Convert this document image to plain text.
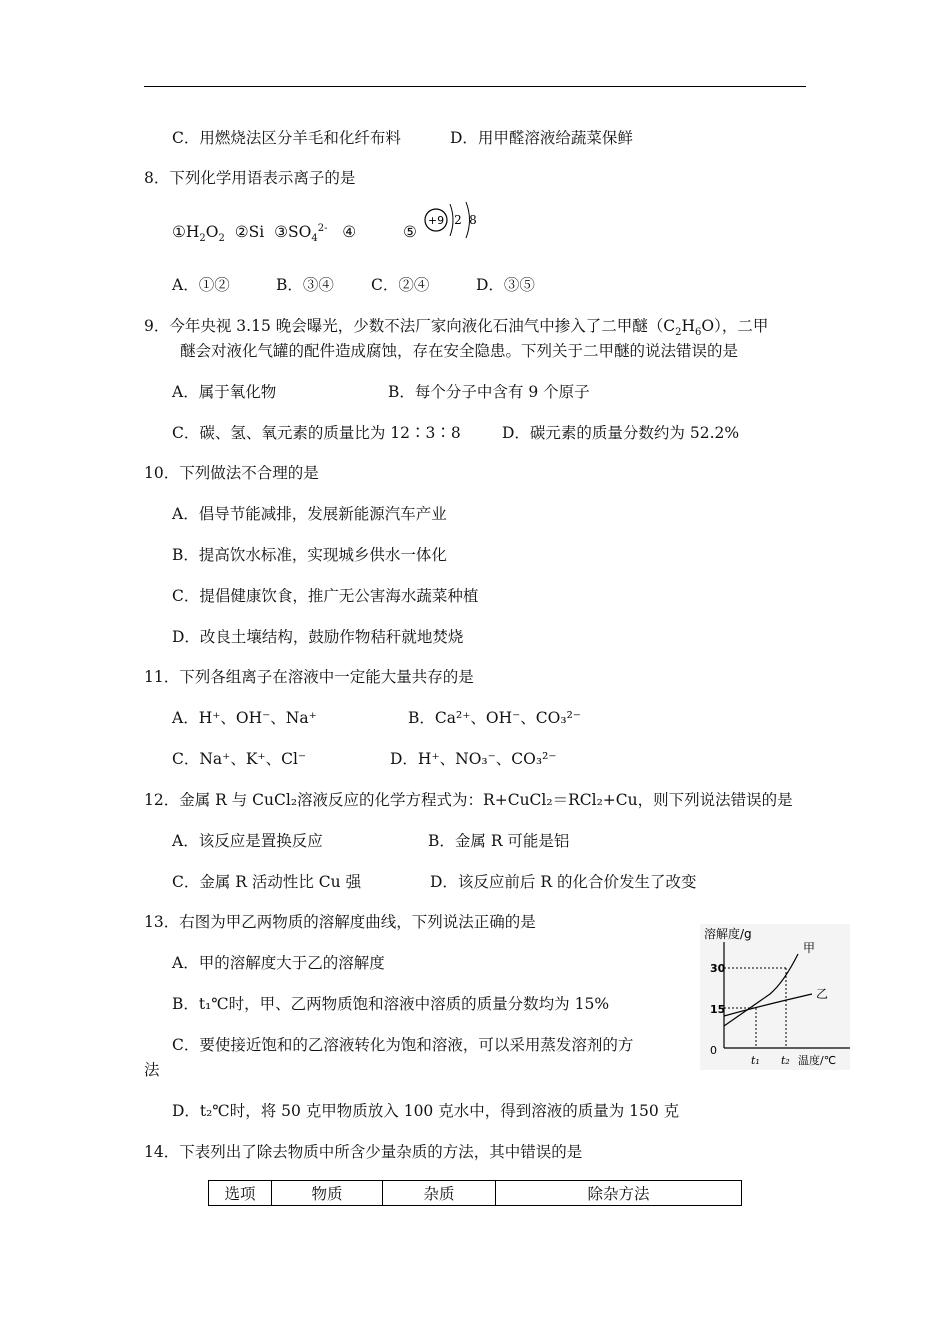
C．用燃烧法区分羊毛和化纤布料	D．用甲醛溶液给蔬菜保鲜
8．下列化学用语表示离子的是
$①H_2O_2$ ②Si $③SO_4^{2-}$ ④	⑤
+9 2 8
A．①②	B．③④ C．②④	D．③⑤
9．今年央视 3.15 晚会曝光，少数不法厂家向液化石油气中掺入了二甲醚$(C_2H_6O)$，二甲
醚会对液化气罐的配件造成腐蚀，存在安全隐患。下列关于二甲醚的说法错误的是
A．属于氧化物	B．每个分子中含有 9 个原子
C．碳、氢、氧元素的质量比为 12∶3∶8	D．碳元素的质量分数约为 52.2%
10．下列做法不合理的是
A．倡导节能减排，发展新能源汽车产业
B．提高饮水标准，实现城乡供水一体化
C．提倡健康饮食，推广无公害海水蔬菜种植
D．改良土壤结构，鼓励作物秸秆就地焚烧
11．下列各组离子在溶液中一定能大量共存的是
A．H⁺、OH⁻、Na⁺	B．Ca²⁺、OH⁻、CO₃²⁻
C．Na⁺、K⁺、Cl⁻	D．H⁺、NO₃⁻、CO₃²⁻
12．金属 R 与 CuCl₂溶液反应的化学方程式为：R+CuCl₂＝RCl₂+Cu，则下列说法错误的是
A．该反应是置换反应	B．金属 R 可能是铝
C．金属 R 活动性比 Cu 强	D．该反应前后 R 的化合价发生了改变
13．右图为甲乙两物质的溶解度曲线，下列说法正确的是
A．甲的溶解度大于乙的溶解度
B．t₁℃时，甲、乙两物质饱和溶液中溶质的质量分数均为 15%
C．要使接近饱和的乙溶液转化为饱和溶液，可以采用蒸发溶剂的方
法
D．t₂℃时，将 50 克甲物质放入 100 克水中，得到溶液的质量为 150 克
溶解度/g
30
15
0
甲
乙
t₁ t₂ 温度/℃
14．下表列出了除去物质中所含少量杂质的方法，其中错误的是
选项	物质	杂质	除杂方法
